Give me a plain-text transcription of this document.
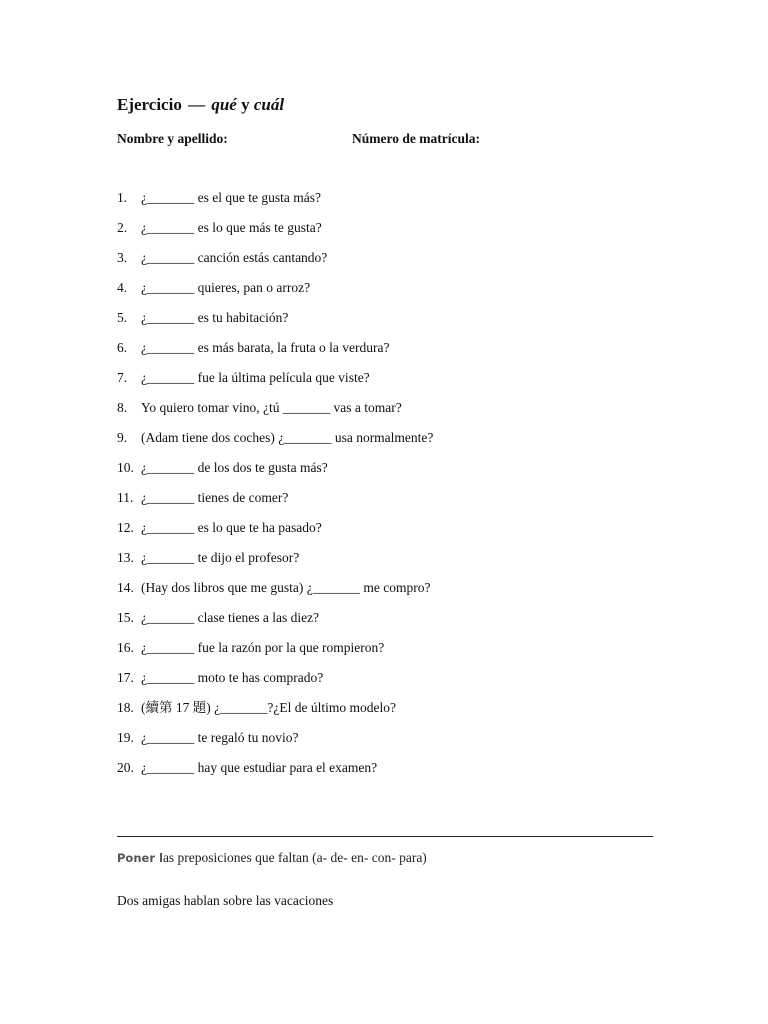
Ejercicio — qué y cuál
Nombre y apellido:	Número de matrícula:
1. ¿_______ es el que te gusta más?
2. ¿_______ es lo que más te gusta?
3. ¿_______ canción estás cantando?
4. ¿_______ quieres, pan o arroz?
5. ¿_______ es tu habitación?
6. ¿_______ es más barata, la fruta o la verdura?
7. ¿_______ fue la última película que viste?
8. Yo quiero tomar vino, ¿tú _______ vas a tomar?
9. (Adam tiene dos coches) ¿_______ usa normalmente?
10. ¿_______ de los dos te gusta más?
11. ¿_______ tienes de comer?
12. ¿_______ es lo que te ha pasado?
13. ¿_______ te dijo el profesor?
14. (Hay dos libros que me gusta) ¿_______ me compro?
15. ¿_______ clase tienes a las diez?
16. ¿_______ fue la razón por la que rompieron?
17. ¿_______ moto te has comprado?
18. (續第 17 題) ¿_______?¿El de último modelo?
19. ¿_______ te regaló tu novio?
20. ¿_______ hay que estudiar para el examen?
Poner las preposiciones que faltan (a- de- en- con- para)
Dos amigas hablan sobre las vacaciones
